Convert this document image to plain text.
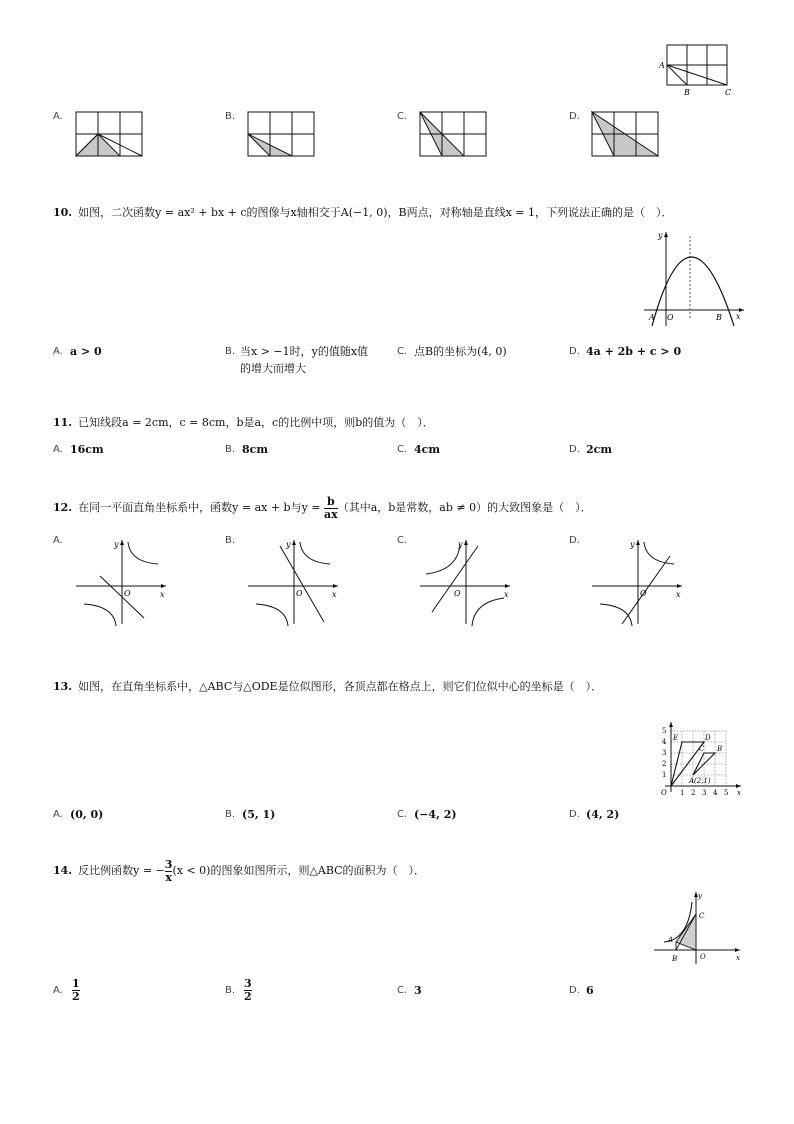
A
B	C
A.	B.	C.	D.
10. 如图，二次函数y = ax² + bx + c的图像与x轴相交于A(−1, 0)，B两点，对称轴是直线x = 1，下列说法正确的是（　）．
y
x
A O	B
A. a > 0	B. 当x > −1时，y的值随x值
的增大而增大
C. 点B的坐标为(4, 0)	D. 4a + 2b + c > 0
11. 已知线段a = 2cm，c = 8cm，b是a，c的比例中项，则b的值为（　）．
A. 16cm	B. 8cm	C. 4cm	D. 2cm
12. 在同一平面直角坐标系中，函数y = ax + b与$y = \frac{b}{ax}$ （其中a，b是常数，ab ≠ 0）的大致图象是（　）．
A.	y
O	x
B.	y
O	x
C.	y
O	x
D.	y
O	x
13. 如图，在直角坐标系中，△ABC与△ODE是位似图形，各顶点都在格点上，则它们位似中心的坐标是（　）．
5
4
3
2
1
1 2 3 4 5
O	x
E	D
C B
A(2,1)
A. (0, 0)	B. (5, 1)	C. (−4, 2)	D. (4, 2)
14. 反比例函数y = − $\frac{3}{x} (x < 0)$的图象如图所示，则△ABC的面积为（　）．
y
x
A
B
C
O
A. $\frac{1}{2}$	B. $\frac{3}{2}$	C. 3	D. 6
